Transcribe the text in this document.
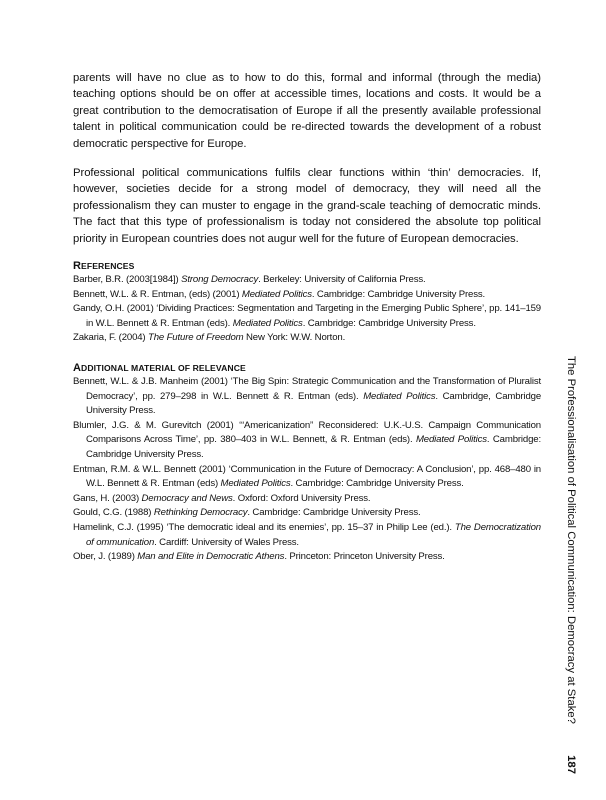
parents will have no clue as to how to do this, formal and informal (through the media) teaching options should be on offer at accessible times, locations and costs. It would be a great contribution to the democratisation of Europe if all the presently available professional talent in political communication could be re-directed towards the development of a robust democratic perspective for Europe.

Professional political communications fulfils clear functions within ‘thin’ democracies. If, however, societies decide for a strong model of democracy, they will need all the professionalism they can muster to engage in the grand-scale teaching of democratic minds. The fact that this type of professionalism is today not considered the absolute top political priority in European countries does not augur well for the future of European democracies.

REFERENCES

Barber, B.R. (2003[1984]) Strong Democracy. Berkeley: University of California Press.

Bennett, W.L. & R. Entman, (eds) (2001) Mediated Politics. Cambridge: Cambridge University Press.

Gandy, O.H. (2001) ‘Dividing Practices: Segmentation and Targeting in the Emerging Public Sphere’, pp. 141–159 in W.L. Bennett & R. Entman (eds). Mediated Politics. Cambridge: Cambridge University Press.

Zakaria, F. (2004) The Future of Freedom New York: W.W. Norton.

ADDITIONAL MATERIAL OF RELEVANCE

Bennett, W.L. & J.B. Manheim (2001) ‘The Big Spin: Strategic Communication and the Transformation of Pluralist Democracy’, pp. 279–298 in W.L. Bennett & R. Entman (eds). Mediated Politics. Cambridge, Cambridge University Press.

Blumler, J.G. & M. Gurevitch (2001) ‘“Americanization” Reconsidered: U.K.-U.S. Campaign Communication Comparisons Across Time’, pp. 380–403 in W.L. Bennett, & R. Entman (eds). Mediated Politics. Cambridge: Cambridge University Press.

Entman, R.M. & W.L. Bennett (2001) ‘Communication in the Future of Democracy: A Conclusion’, pp. 468–480 in W.L. Bennett & R. Entman (eds) Mediated Politics. Cambridge: Cambridge University Press.

Gans, H. (2003) Democracy and News. Oxford: Oxford University Press.

Gould, C.G. (1988) Rethinking Democracy. Cambridge: Cambridge University Press.

Hamelink, C.J. (1995) ‘The democratic ideal and its enemies’, pp. 15–37 in Philip Lee (ed.). The Democratization of ommunication. Cardiff: University of Wales Press.

Ober, J. (1989) Man and Elite in Democratic Athens. Princeton: Princeton University Press.	The Professionalisation of Political Communication: Democracy at Stake?
187
